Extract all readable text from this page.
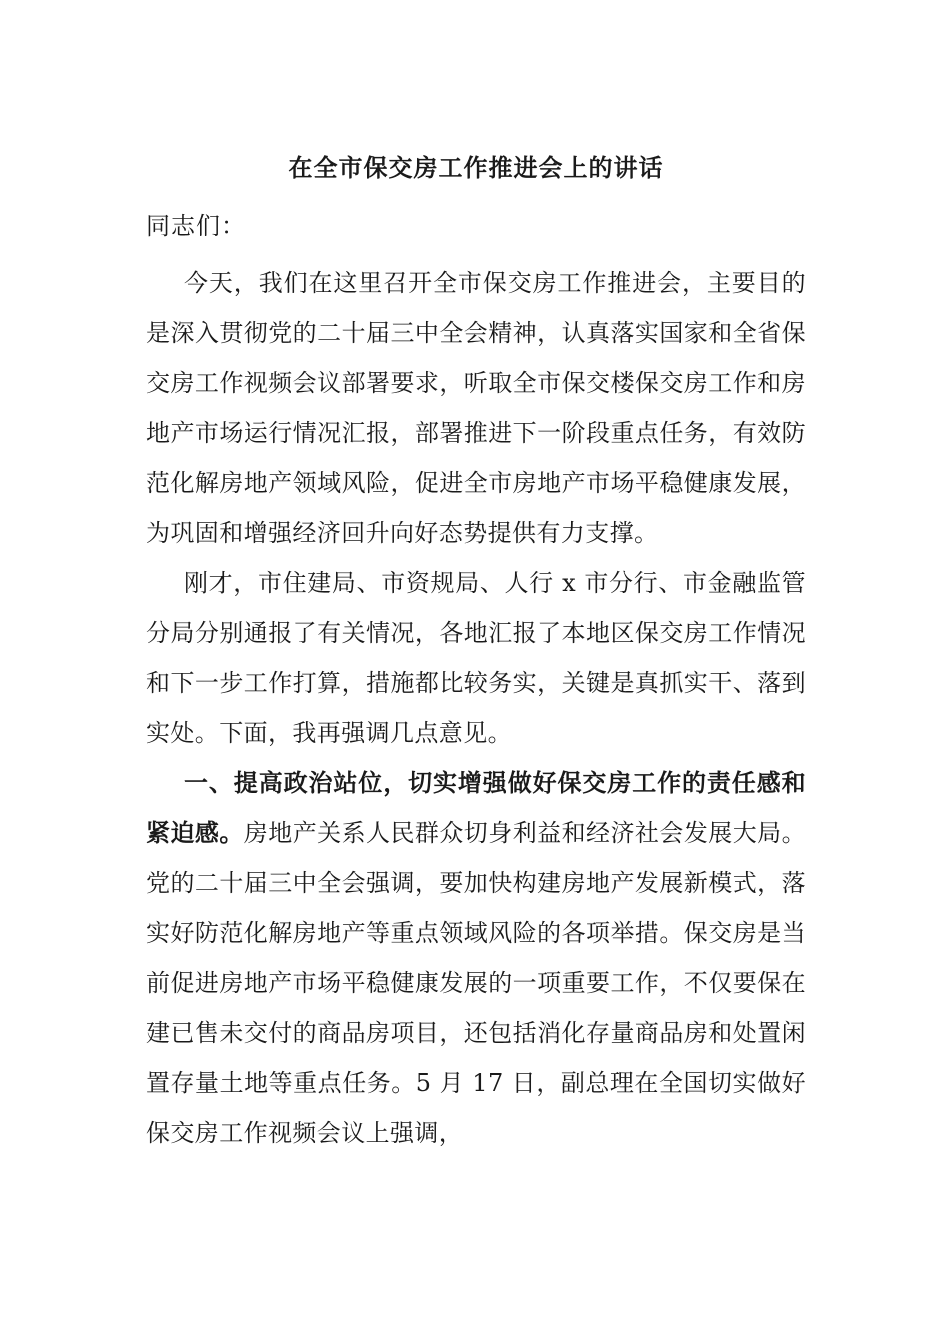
在全市保交房工作推进会上的讲话
同志们：

今天，我们在这里召开全市保交房工作推进会，主要目的是深入贯彻党的二十届三中全会精神，认真落实国家和全省保交房工作视频会议部署要求，听取全市保交楼保交房工作和房地产市场运行情况汇报，部署推进下一阶段重点任务，有效防范化解房地产领域风险，促进全市房地产市场平稳健康发展，为巩固和增强经济回升向好态势提供有力支撑。

刚才，市住建局、市资规局、人行 x 市分行、市金融监管分局分别通报了有关情况，各地汇报了本地区保交房工作情况和下一步工作打算，措施都比较务实，关键是真抓实干、落到实处。下面，我再强调几点意见。

一、提高政治站位，切实增强做好保交房工作的责任感和紧迫感。房地产关系人民群众切身利益和经济社会发展大局。党的二十届三中全会强调，要加快构建房地产发展新模式，落实好防范化解房地产等重点领域风险的各项举措。保交房是当前促进房地产市场平稳健康发展的一项重要工作，不仅要保在建已售未交付的商品房项目，还包括消化存量商品房和处置闲置存量土地等重点任务。5 月 17 日，副总理在全国切实做好保交房工作视频会议上强调，
